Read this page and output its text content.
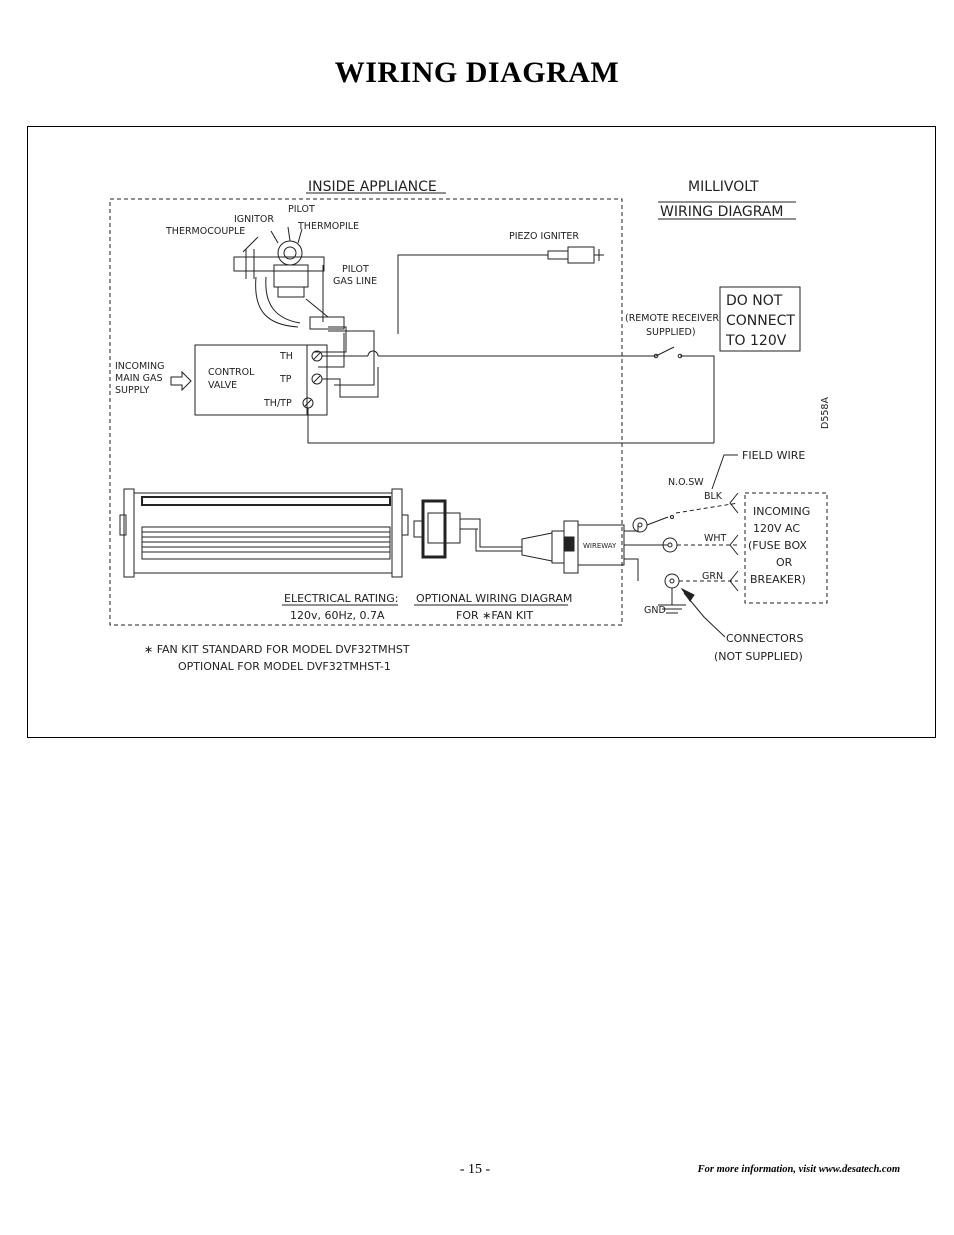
WIRING DIAGRAM
INSIDE APPLIANCE	MILLIVOLT
WIRING DIAGRAM
PILOT
IGNITOR
THERMOPILE
THERMOCOUPLE	PIEZO IGNITER
PILOT
GAS LINE
(REMOTE RECEIVER
SUPPLIED)
DO NOT
CONNECT
TO 120V
INCOMING
MAIN GAS
SUPPLY
CONTROL
VALVE
TH
TP
TH/TP	D558A
FIELD WIRE
N.O.SW
BLK
WHT
GRN
GND
WIREWAY
INCOMING
120V AC
(FUSE BOX
OR
BREAKER)
ELECTRICAL RATING:
120v, 60Hz, 0.7A
OPTIONAL WIRING DIAGRAM
FOR ∗FAN KIT
CONNECTORS
(NOT SUPPLIED)
∗ FAN KIT STANDARD FOR MODEL DVF32TMHST
OPTIONAL FOR MODEL DVF32TMHST-1
- 15 -	For more information, visit www.desatech.com
